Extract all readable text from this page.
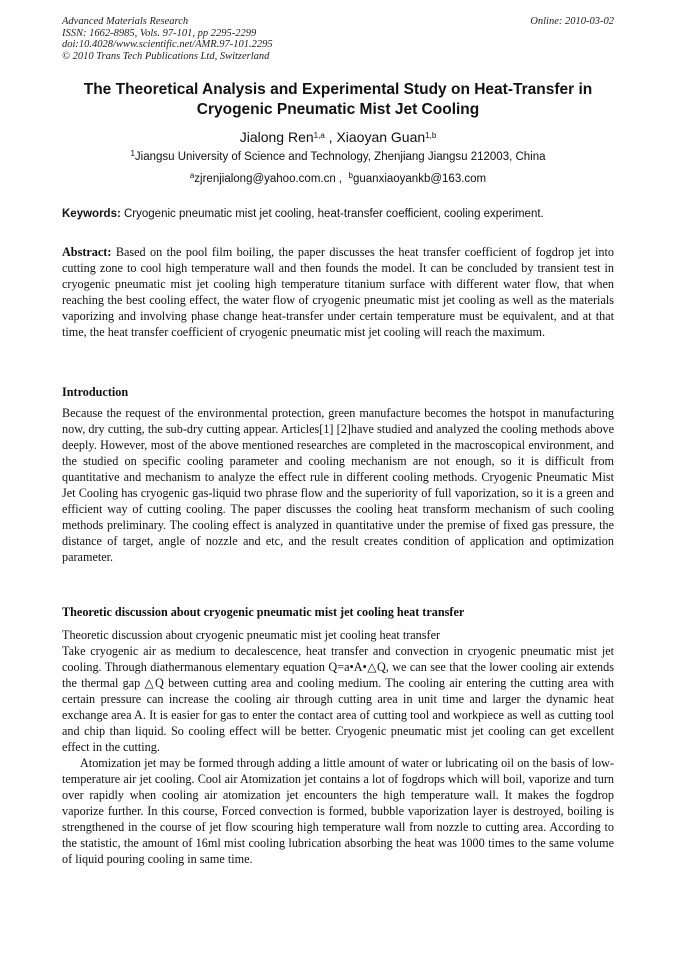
Advanced Materials Research
ISSN: 1662-8985, Vols. 97-101, pp 2295-2299
doi:10.4028/www.scientific.net/AMR.97-101.2295
© 2010 Trans Tech Publications Ltd, Switzerland
Online: 2010-03-02
The Theoretical Analysis and Experimental Study on Heat-Transfer in Cryogenic Pneumatic Mist Jet Cooling
Jialong Ren$^{1,a}$ , Xiaoyan Guan$^{1,b}$
$^1$Jiangsu University of Science and Technology, Zhenjiang Jiangsu 212003, China
$^a$zjrenjialong@yahoo.com.cn , $^b$guanxiaoyankb@163.com
Keywords: Cryogenic pneumatic mist jet cooling, heat-transfer coefficient, cooling experiment.
Abstract: Based on the pool film boiling, the paper discusses the heat transfer coefficient of fogdrop jet into cutting zone to cool high temperature wall and then founds the model. It can be concluded by transient test in cryogenic pneumatic mist jet cooling high temperature titanium surface with different water flow, that when reaching the best cooling effect, the water flow of cryogenic pneumatic mist jet cooling as well as the materials vaporizing and involving phase change heat-transfer under certain temperature must be equivalent, and at that time, the heat transfer coefficient of cryogenic pneumatic mist jet cooling will reach the maximum.
Introduction
Because the request of the environmental protection, green manufacture becomes the hotspot in manufacturing now, dry cutting, the sub-dry cutting appear. Articles[1] [2]have studied and analyzed the cooling methods above deeply. However, most of the above mentioned researches are completed in the macroscopical environment, and the studied on specific cooling parameter and cooling mechanism are not enough, so it is difficult from quantitative and mechanism to analyze the effect rule in different cooling methods. Cryogenic Pneumatic Mist Jet Cooling has cryogenic gas-liquid two phrase flow and the superiority of full vaporization, so it is a green and efficient way of cutting cooling. The paper discusses the cooling heat transform mechanism of such cooling methods preliminary. The cooling effect is analyzed in quantitative under the premise of fixed gas pressure, the distance of target, angle of nozzle and etc, and the result creates condition of application and optimization parameter.
Theoretic discussion about cryogenic pneumatic mist jet cooling heat transfer

Theoretic discussion about cryogenic pneumatic mist jet cooling heat transfer

Take cryogenic air as medium to decalescence, heat transfer and convection in cryogenic pneumatic mist jet cooling. Through diathermanous elementary equation Q=a•A•△Q, we can see that the lower cooling air extends the thermal gap △Q between cutting area and cooling medium. The cooling air entering the cutting area with certain pressure can increase the cooling air through cutting area in unit time and larger the dynamic heat exchange area A. It is easier for gas to enter the contact area of cutting tool and workpiece as well as cutting tool and chip than liquid. So cooling effect will be better. Cryogenic pneumatic mist jet cooling can get excellent effect in the cutting.

Atomization jet may be formed through adding a little amount of water or lubricating oil on the basis of low-temperature air jet cooling. Cool air Atomization jet contains a lot of fogdrops which will boil, vaporize and turn over rapidly when cooling air atomization jet encounters the high temperature wall. It makes the fogdrop vaporize further. In this course, Forced convection is formed, bubble vaporization layer is destroyed, boiling is strengthened in the course of jet flow scouring high temperature wall from nozzle to cutting area. According to the statistic, the amount of 16ml mist cooling lubrication absorbing the heat was 1000 times to the same volume of liquid pouring cooling in same time.
